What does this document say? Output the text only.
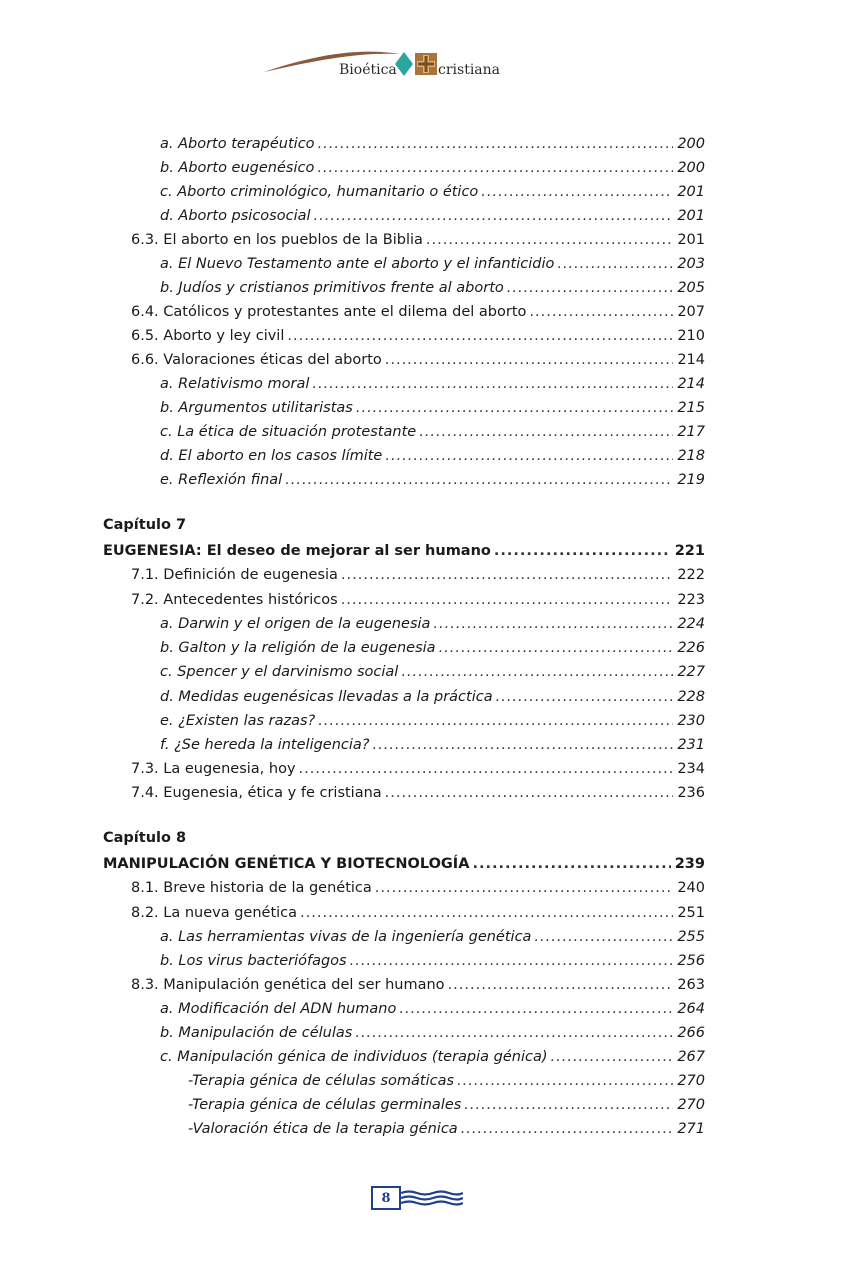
Bioética	cristiana
a. Aborto terapéutico .....	200
b. Aborto eugenésico .....	200
c. Aborto criminológico, humanitario o ético .....	201
d. Aborto psicosocial .....	201
6.3. El aborto en los pueblos de la Biblia .....	201
a. El Nuevo Testamento ante el aborto y el infanticidio .....	203
b. Judíos y cristianos primitivos frente al aborto .....	205
6.4. Católicos y protestantes ante el dilema del aborto .....	207
6.5. Aborto y ley civil .....	210
6.6. Valoraciones éticas del aborto .....	214
a. Relativismo moral .....	214
b. Argumentos utilitaristas .....	215
c. La ética de situación protestante .....	217
d. El aborto en los casos límite .....	218
e. Reflexión final .....	219
Capítulo 7
EUGENESIA: El deseo de mejorar al ser humano .....	221
7.1. Definición de eugenesia .....	222
7.2. Antecedentes históricos .....	223
a. Darwin y el origen de la eugenesia .....	224
b. Galton y la religión de la eugenesia .....	226
c. Spencer y el darvinismo social .....	227
d. Medidas eugenésicas llevadas a la práctica .....	228
e. ¿Existen las razas? .....	230
f. ¿Se hereda la inteligencia? .....	231
7.3. La eugenesia, hoy .....	234
7.4. Eugenesia, ética y fe cristiana .....	236
Capítulo 8
MANIPULACIÓN GENÉTICA Y BIOTECNOLOGÍA .....	239
8.1. Breve historia de la genética .....	240
8.2. La nueva genética .....	251
a. Las herramientas vivas de la ingeniería genética .....	255
b. Los virus bacteriófagos .....	256
8.3. Manipulación genética del ser humano .....	263
a. Modificación del ADN humano .....	264
b. Manipulación de células .....	266
c. Manipulación génica de individuos (terapia génica) .....	267
-Terapia génica de células somáticas .....	270
-Terapia génica de células germinales .....	270
-Valoración ética de la terapia génica .....	271
8
